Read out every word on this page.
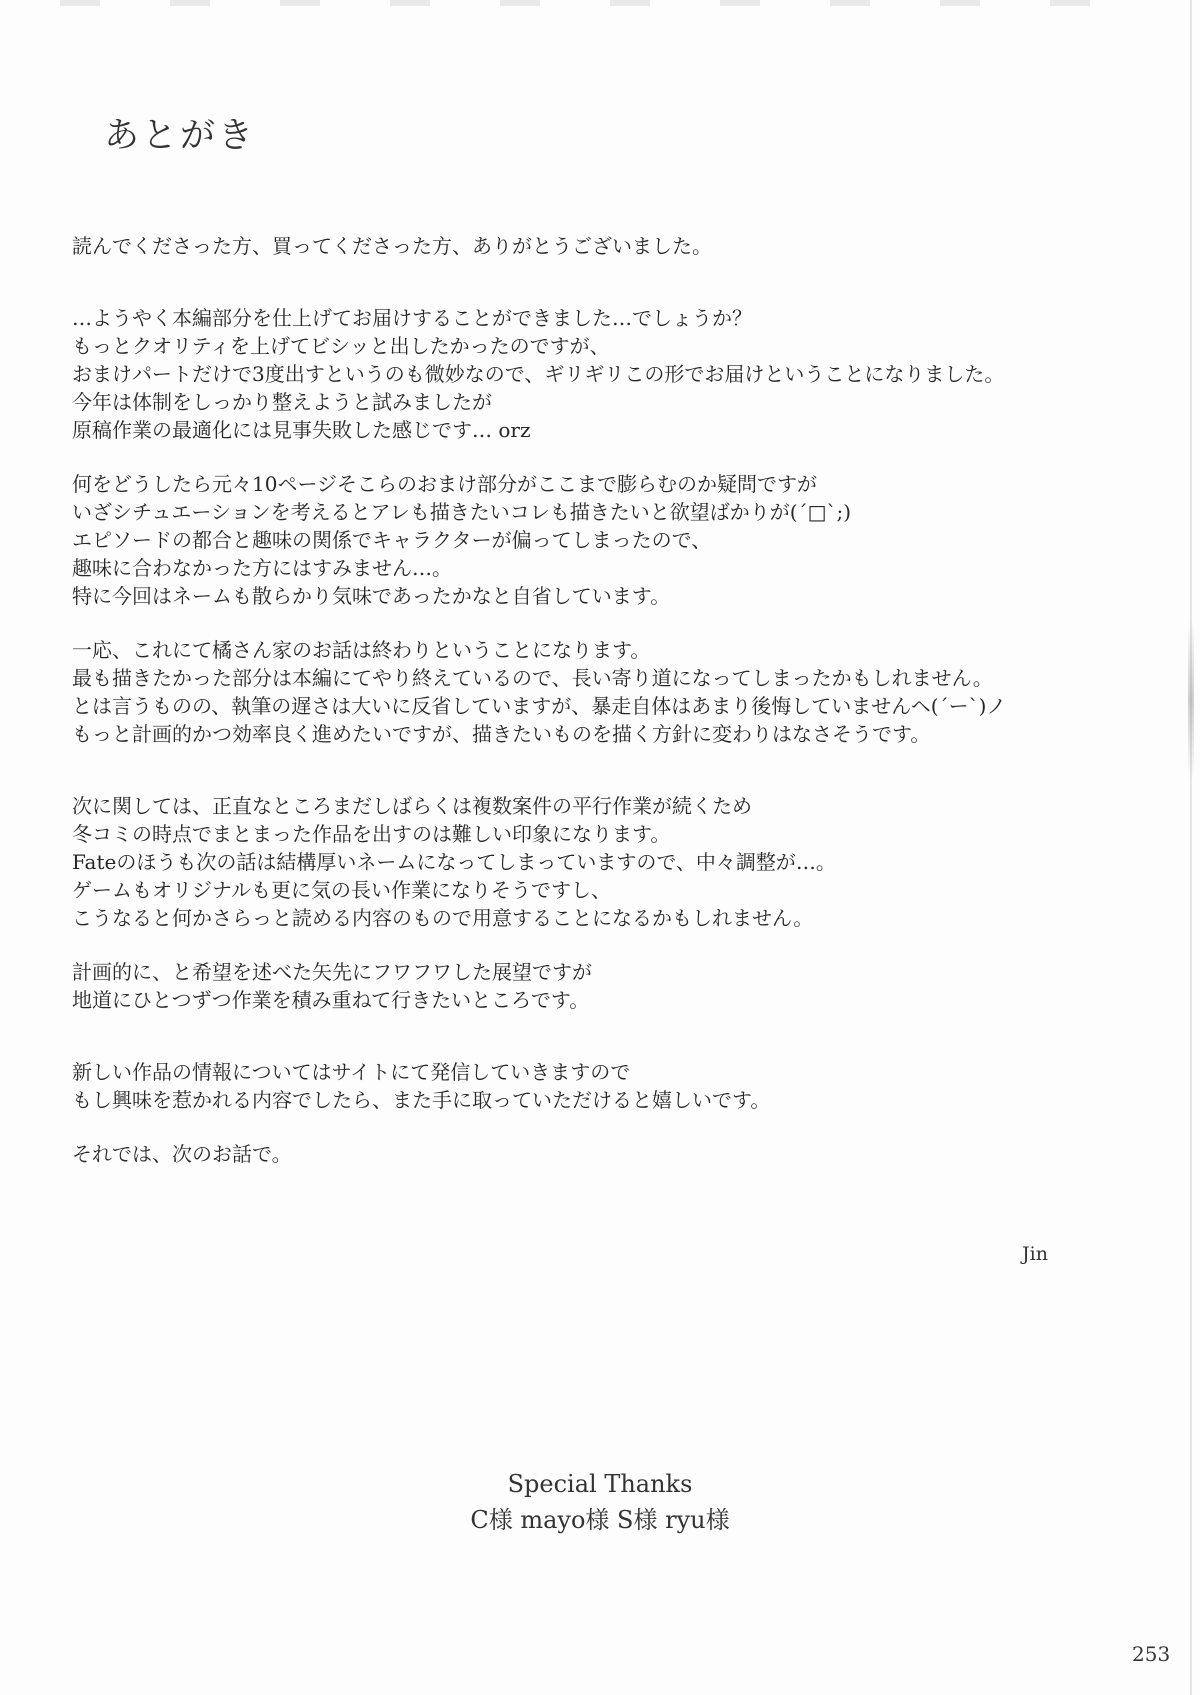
あとがき
読んでくださった方、買ってくださった方、ありがとうございました。
…ようやく本編部分を仕上げてお届けすることができました…でしょうか？
もっとクオリティを上げてビシッと出したかったのですが、
おまけパートだけで3度出すというのも微妙なので、ギリギリこの形でお届けということになりました。
今年は体制をしっかり整えようと試みましたが
原稿作業の最適化には見事失敗した感じです… orz
何をどうしたら元々10ページそこらのおまけ部分がここまで膨らむのか疑問ですが
いざシチュエーションを考えるとアレも描きたいコレも描きたいと欲望ばかりが(´□`;)
エピソードの都合と趣味の関係でキャラクターが偏ってしまったので、
趣味に合わなかった方にはすみません…。
特に今回はネームも散らかり気味であったかなと自省しています。
一応、これにて橘さん家のお話は終わりということになります。
最も描きたかった部分は本編にてやり終えているので、長い寄り道になってしまったかもしれません。
とは言うものの、執筆の遅さは大いに反省していますが、暴走自体はあまり後悔していませんヘ(´ー`)ノ
もっと計画的かつ効率良く進めたいですが、描きたいものを描く方針に変わりはなさそうです。
次に関しては、正直なところまだしばらくは複数案件の平行作業が続くため
冬コミの時点でまとまった作品を出すのは難しい印象になります。
Fateのほうも次の話は結構厚いネームになってしまっていますので、中々調整が…。
ゲームもオリジナルも更に気の長い作業になりそうですし、
こうなると何かさらっと読める内容のもので用意することになるかもしれません。
計画的に、と希望を述べた矢先にフワフワした展望ですが
地道にひとつずつ作業を積み重ねて行きたいところです。
新しい作品の情報についてはサイトにて発信していきますので
もし興味を惹かれる内容でしたら、また手に取っていただけると嬉しいです。
それでは、次のお話で。
Jin
Special Thanks
C様 mayo様 S様 ryu様
253
